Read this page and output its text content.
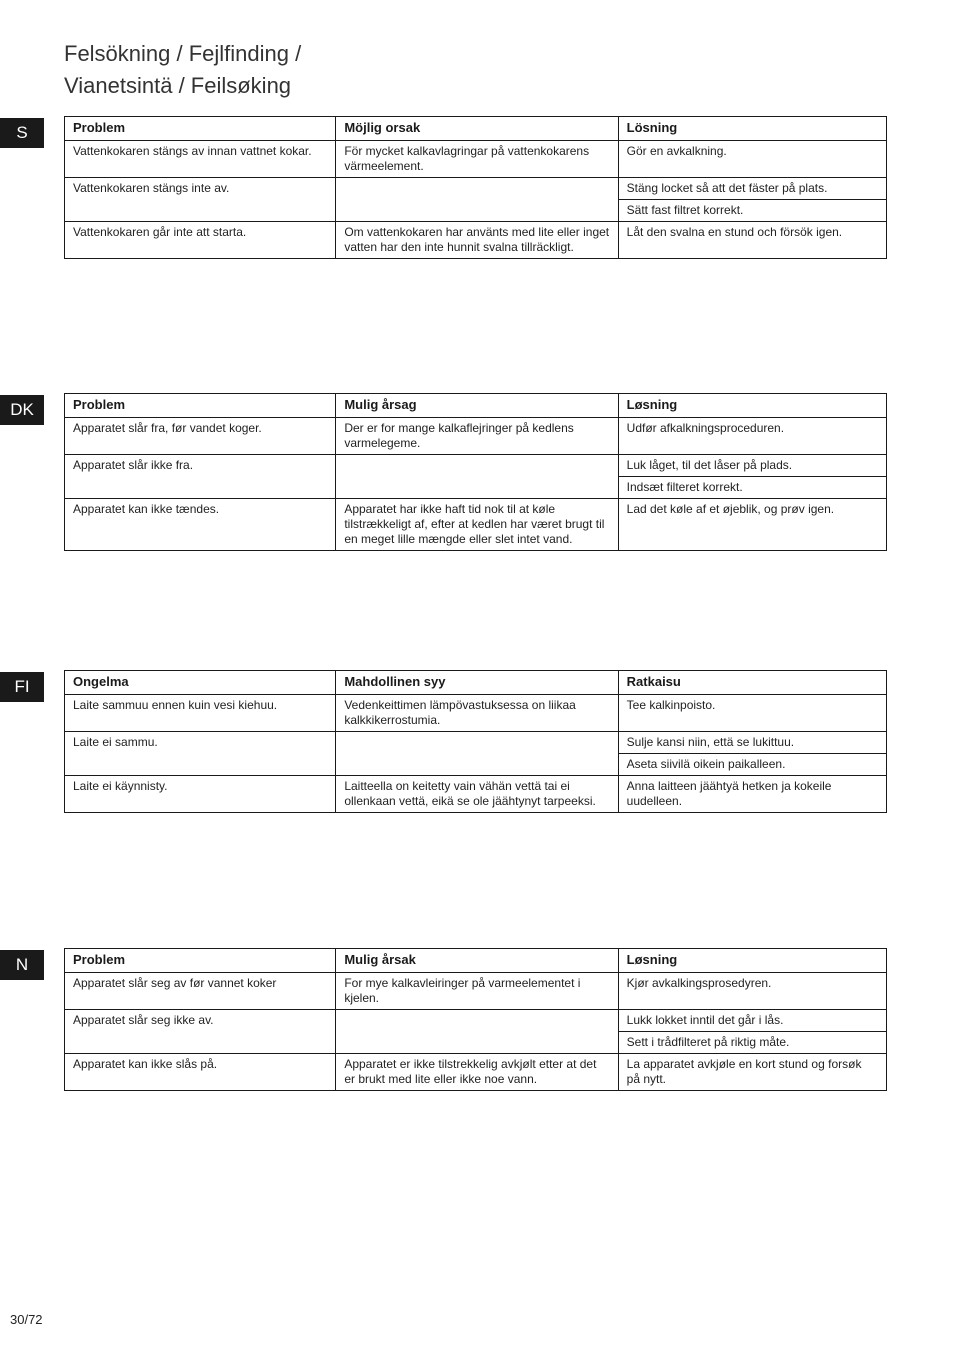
Felsökning / Fejlfinding /
Vianetsintä / Feilsøking
S	Problem	Möjlig orsak	Lösning
Vattenkokaren stängs av innan vattnet kokar.	För mycket kalkavlagringar på vattenkokarens värmeelement.	Gör en avkalkning.
Vattenkokaren stängs inte av.		Stäng locket så att det fäster på plats.
		Sätt fast filtret korrekt.
Vattenkokaren går inte att starta.	Om vattenkokaren har använts med lite eller inget vatten har den inte hunnit svalna tillräckligt.	Låt den svalna en stund och försök igen.
DK	Problem	Mulig årsag	Løsning
Apparatet slår fra, før vandet koger.	Der er for mange kalkaflejringer på kedlens varmelegeme.	Udfør afkalkningsproceduren.
Apparatet slår ikke fra.		Luk låget, til det låser på plads.
		Indsæt filteret korrekt.
Apparatet kan ikke tændes.	Apparatet har ikke haft tid nok til at køle tilstrækkeligt af, efter at kedlen har været brugt til en meget lille mængde eller slet intet vand.	Lad det køle af et øjeblik, og prøv igen.
FI	Ongelma	Mahdollinen syy	Ratkaisu
Laite sammuu ennen kuin vesi kiehuu.	Vedenkeittimen lämpövastuksessa on liikaa kalkkikerrostumia.	Tee kalkinpoisto.
Laite ei sammu.		Sulje kansi niin, että se lukittuu.
		Aseta siivilä oikein paikalleen.
Laite ei käynnisty.	Laitteella on keitetty vain vähän vettä tai ei ollenkaan vettä, eikä se ole jäähtynyt tarpeeksi.	Anna laitteen jäähtyä hetken ja kokeile uudelleen.
N	Problem	Mulig årsak	Løsning
Apparatet slår seg av før vannet koker	For mye kalkavleiringer på varmeelementet i kjelen.	Kjør avkalkingsprosedyren.
Apparatet slår seg ikke av.		Lukk lokket inntil det går i lås.
		Sett i trådfilteret på riktig måte.
Apparatet kan ikke slås på.	Apparatet er ikke tilstrekkelig avkjølt etter at det er brukt med lite eller ikke noe vann.	La apparatet avkjøle en kort stund og forsøk på nytt.
30/72
